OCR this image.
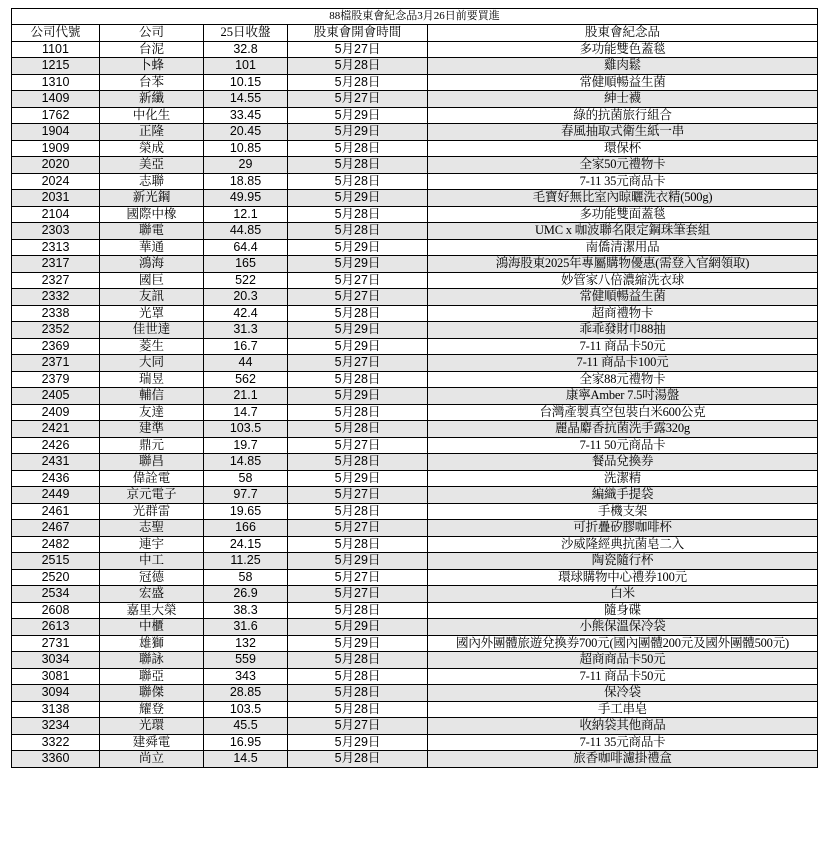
88檔股東會紀念品3月26日前要買進				
公司代號	公司	25日收盤	股東會開會時間	股東會紀念品
1101	台泥	32.8	5月27日	多功能雙色蓋毯
1215	卜蜂	101	5月28日	雞肉鬆
1310	台苯	10.15	5月28日	常健順暢益生菌
1409	新纖	14.55	5月27日	紳士襪
1762	中化生	33.45	5月29日	綠的抗菌旅行組合
1904	正隆	20.45	5月29日	春風抽取式衛生紙一串
1909	榮成	10.85	5月28日	環保杯
2020	美亞	29	5月28日	全家50元禮物卡
2024	志聯	18.85	5月28日	7-11 35元商品卡
2031	新光鋼	49.95	5月29日	毛寶好無比室內晾曬洗衣精(500g)
2104	國際中橡	12.1	5月28日	多功能雙面蓋毯
2303	聯電	44.85	5月28日	UMC x 咖波聯名限定鋼珠筆套組
2313	華通	64.4	5月29日	南僑清潔用品
2317	鴻海	165	5月29日	鴻海股東2025年專屬購物優惠(需登入官網領取)
2327	國巨	522	5月27日	妙管家八倍濃縮洗衣球
2332	友訊	20.3	5月27日	常健順暢益生菌
2338	光罩	42.4	5月28日	超商禮物卡
2352	佳世達	31.3	5月29日	乖乖發財巾88抽
2369	菱生	16.7	5月29日	7-11 商品卡50元
2371	大同	44	5月27日	7-11 商品卡100元
2379	瑞昱	562	5月28日	全家88元禮物卡
2405	輔信	21.1	5月29日	康寧Amber 7.5吋湯盤
2409	友達	14.7	5月28日	台灣產製真空包裝白米600公克
2421	建準	103.5	5月28日	麗晶麝香抗菌洗手露320g
2426	鼎元	19.7	5月27日	7-11 50元商品卡
2431	聯昌	14.85	5月28日	餐品兌換券
2436	偉詮電	58	5月29日	洗潔精
2449	京元電子	97.7	5月27日	編織手提袋
2461	光群雷	19.65	5月28日	手機支架
2467	志聖	166	5月27日	可折疊矽膠咖啡杯
2482	連宇	24.15	5月28日	沙威隆經典抗菌皂二入
2515	中工	11.25	5月29日	陶瓷隨行杯
2520	冠德	58	5月27日	環球購物中心禮券100元
2534	宏盛	26.9	5月27日	白米
2608	嘉里大榮	38.3	5月28日	隨身碟
2613	中櫃	31.6	5月29日	小熊保溫保冷袋
2731	雄獅	132	5月29日	國內外團體旅遊兌換券700元(國內團體200元及國外團體500元)
3034	聯詠	559	5月28日	超商商品卡50元
3081	聯亞	343	5月28日	7-11 商品卡50元
3094	聯傑	28.85	5月28日	保冷袋
3138	耀登	103.5	5月28日	手工串皂
3234	光環	45.5	5月27日	收納袋其他商品
3322	建舜電	16.95	5月29日	7-11 35元商品卡
3360	尚立	14.5	5月28日	旅香咖啡濾掛禮盒
